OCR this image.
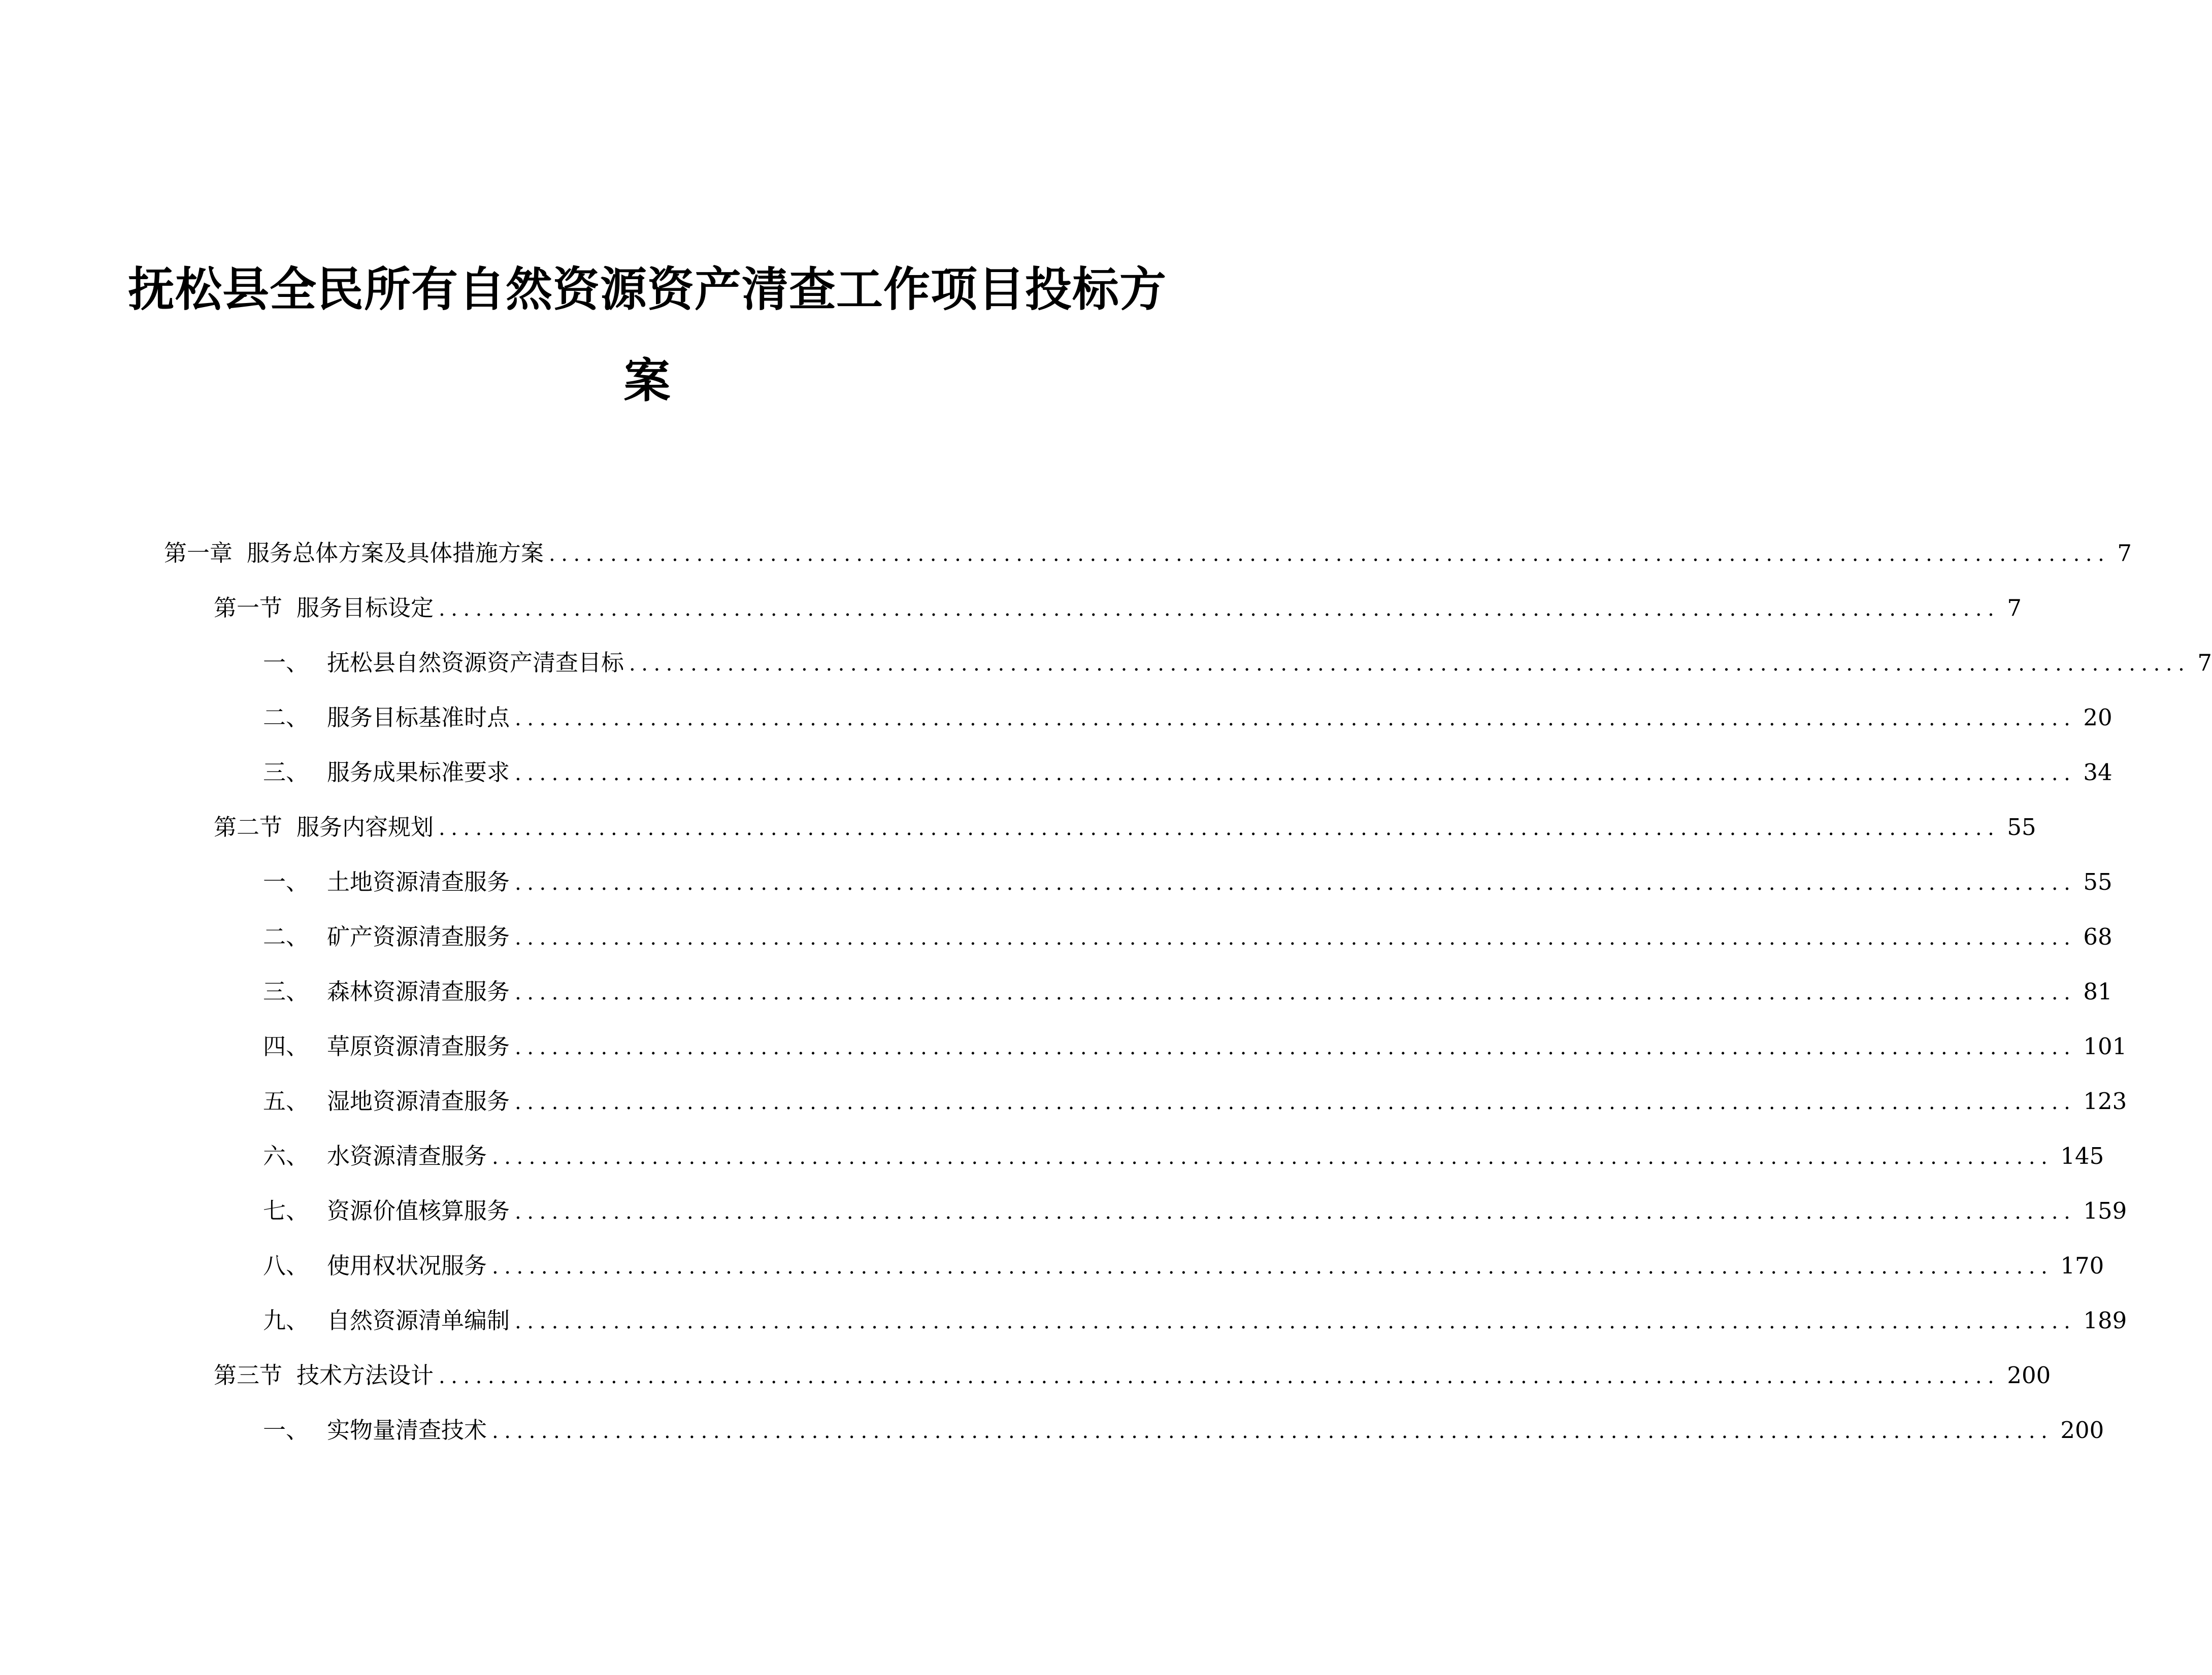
抚松县全民所有自然资源资产清查工作项目投标方
案
第一章 服务总体方案及具体措施方案 ............................................................................................................................... 7
第一节 服务目标设定 ............................................................................................................................... 7
一、 抚松县自然资源资产清查目标 ............................................................................................................................... 7
二、 服务目标基准时点 ............................................................................................................................... 20
三、 服务成果标准要求 ............................................................................................................................... 34
第二节 服务内容规划 ............................................................................................................................... 55
一、 土地资源清查服务 ............................................................................................................................... 55
二、 矿产资源清查服务 ............................................................................................................................... 68
三、 森林资源清查服务 ............................................................................................................................... 81
四、 草原资源清查服务 ............................................................................................................................... 101
五、 湿地资源清查服务 ............................................................................................................................... 123
六、 水资源清查服务 ............................................................................................................................... 145
七、 资源价值核算服务 ............................................................................................................................... 159
八、 使用权状况服务 ............................................................................................................................... 170
九、 自然资源清单编制 ............................................................................................................................... 189
第三节 技术方法设计 ............................................................................................................................... 200
一、 实物量清查技术 ............................................................................................................................... 200
